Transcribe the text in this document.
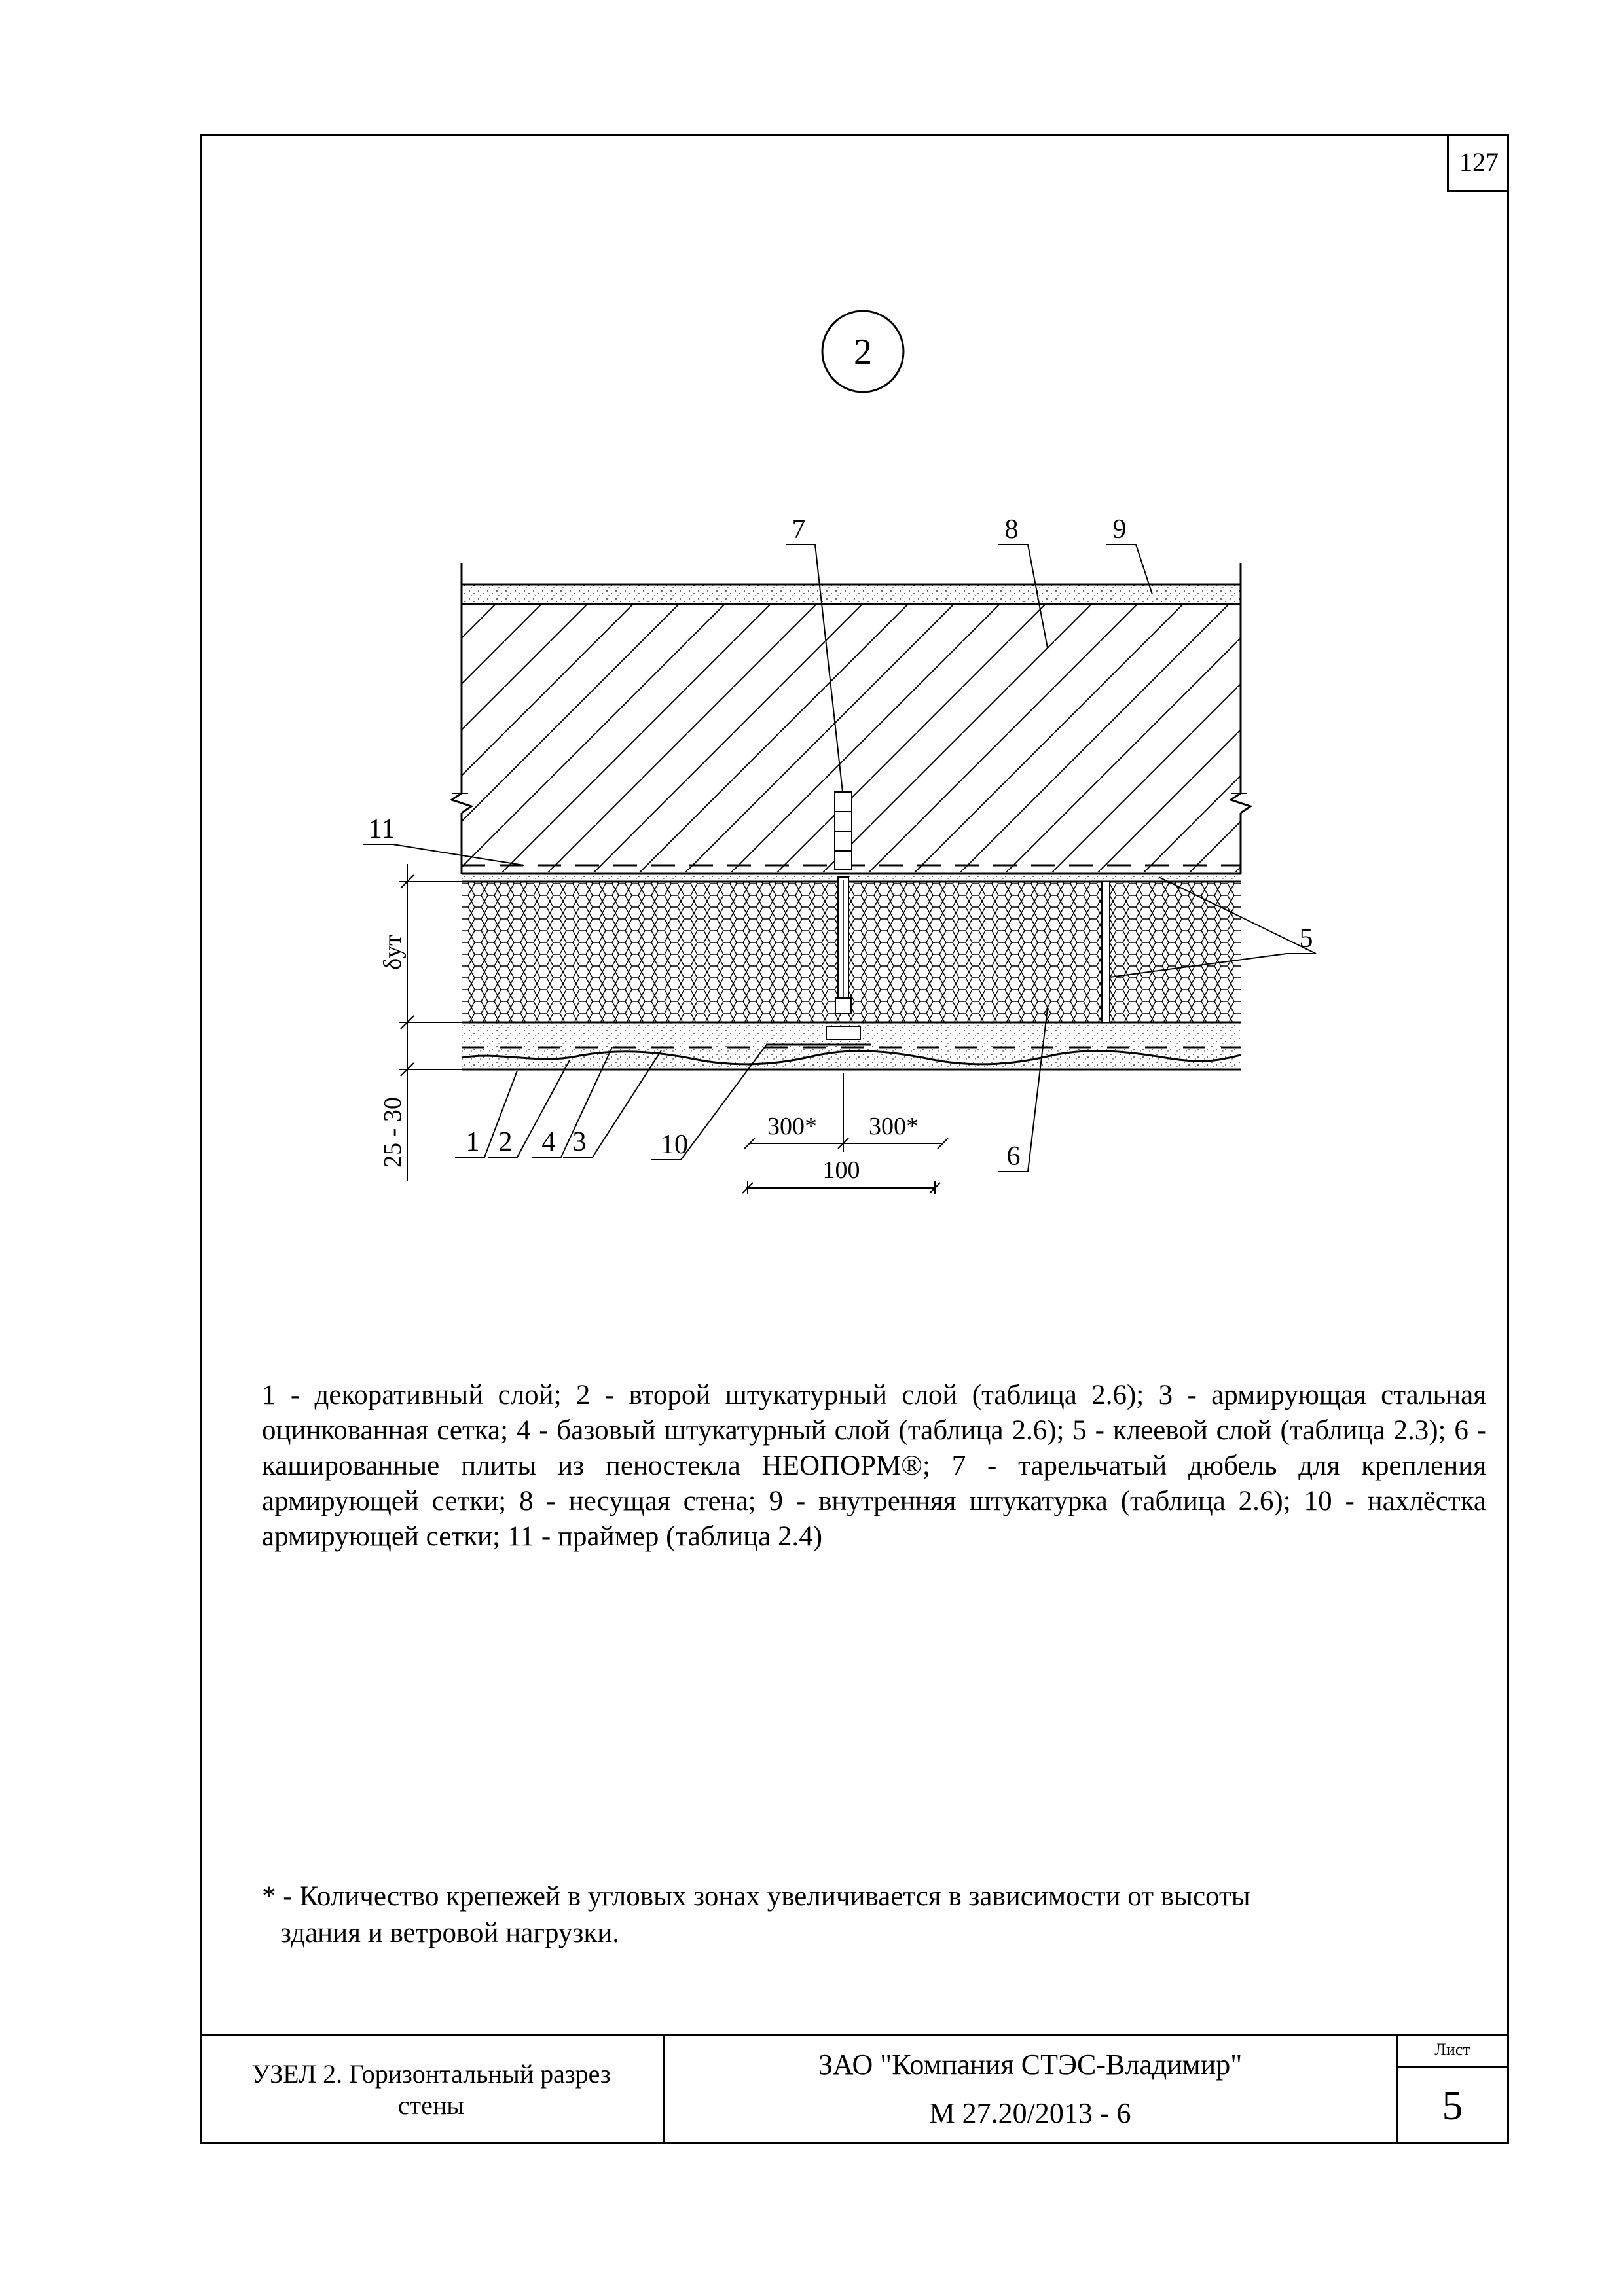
127
2
7	8	9
11
5
6
10
1 2 4 3
δут
25 - 30	300* 300*
100
1 - декоративный слой; 2 - второй штукатурный слой (таблица 2.6); 3 - армирующая стальная оцинкованная сетка; 4 - базовый штукатурный слой (таблица 2.6); 5 - клеевой слой (таблица 2.3); 6 - кашированные плиты из пеностекла НЕОПОРМ®; 7 - тарельчатый дюбель для крепления армирующей сетки; 8 - несущая стена; 9 - внутренняя штукатурка (таблица 2.6); 10 - нахлёстка армирующей сетки; 11 - праймер (таблица 2.4)
* - Количество крепежей в угловых зонах увеличивается в зависимости от высоты
здания и ветровой нагрузки.
УЗЕЛ 2. Горизонтальный разрез
стены
ЗАО "Компания СТЭС-Владимир"
М 27.20/2013 - 6
Лист
5
